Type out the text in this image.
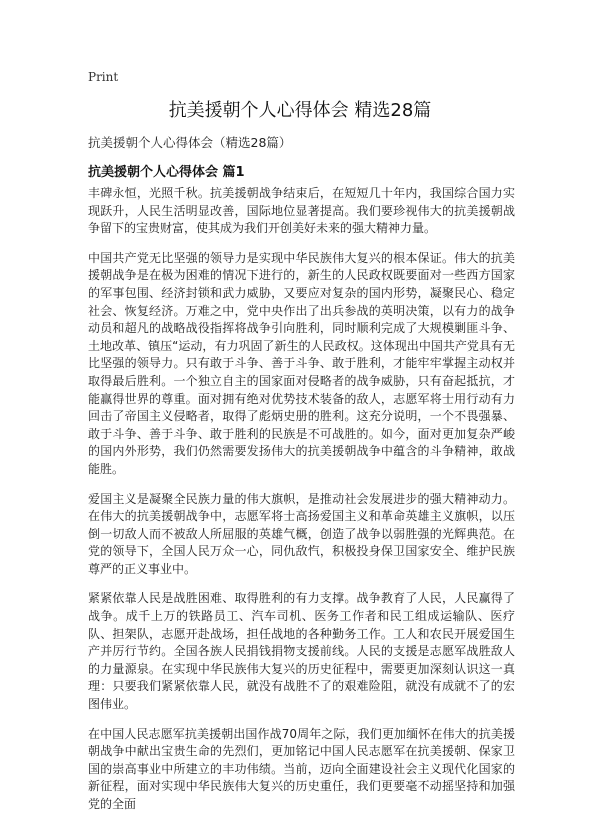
Print
抗美援朝个人心得体会 精选28篇
抗美援朝个人心得体会（精选28篇）
抗美援朝个人心得体会 篇1

丰碑永恒，光照千秋。抗美援朝战争结束后，在短短几十年内，我国综合国力实现跃升，人民生活明显改善，国际地位显著提高。我们要珍视伟大的抗美援朝战争留下的宝贵财富，使其成为我们开创美好未来的强大精神力量。

中国共产党无比坚强的领导力是实现中华民族伟大复兴的根本保证。伟大的抗美援朝战争是在极为困难的情况下进行的，新生的人民政权既要面对一些西方国家的军事包围、经济封锁和武力威胁，又要应对复杂的国内形势，凝聚民心、稳定社会、恢复经济。万难之中，党中央作出了出兵参战的英明决策，以有力的战争动员和超凡的战略战役指挥将战争引向胜利，同时顺利完成了大规模剿匪斗争、土地改革、镇压“运动，有力巩固了新生的人民政权。这体现出中国共产党具有无比坚强的领导力。只有敢于斗争、善于斗争、敢于胜利，才能牢牢掌握主动权并取得最后胜利。一个独立自主的国家面对侵略者的战争威胁，只有奋起抵抗，才能赢得世界的尊重。面对拥有绝对优势技术装备的敌人，志愿军将士用行动有力回击了帝国主义侵略者，取得了彪炳史册的胜利。这充分说明，一个不畏强暴、敢于斗争、善于斗争、敢于胜利的民族是不可战胜的。如今，面对更加复杂严峻的国内外形势，我们仍然需要发扬伟大的抗美援朝战争中蕴含的斗争精神，敢战能胜。

爱国主义是凝聚全民族力量的伟大旗帜，是推动社会发展进步的强大精神动力。在伟大的抗美援朝战争中，志愿军将士高扬爱国主义和革命英雄主义旗帜，以压倒一切敌人而不被敌人所屈服的英雄气概，创造了战争以弱胜强的光辉典范。在党的领导下，全国人民万众一心，同仇敌忾，积极投身保卫国家安全、维护民族尊严的正义事业中。

紧紧依靠人民是战胜困难、取得胜利的有力支撑。战争教育了人民，人民赢得了战争。成千上万的铁路员工、汽车司机、医务工作者和民工组成运输队、医疗队、担架队，志愿开赴战场，担任战地的各种勤务工作。工人和农民开展爱国生产并厉行节约。全国各族人民捐钱捐物支援前线。人民的支援是志愿军战胜敌人的力量源泉。在实现中华民族伟大复兴的历史征程中，需要更加深刻认识这一真理：只要我们紧紧依靠人民，就没有战胜不了的艰难险阻，就没有成就不了的宏图伟业。

在中国人民志愿军抗美援朝出国作战70周年之际，我们更加缅怀在伟大的抗美援朝战争中献出宝贵生命的先烈们，更加铭记中国人民志愿军在抗美援朝、保家卫国的崇高事业中所建立的丰功伟绩。当前，迈向全面建设社会主义现代化国家的新征程，面对实现中华民族伟大复兴的历史重任，我们更要毫不动摇坚持和加强党的全面
